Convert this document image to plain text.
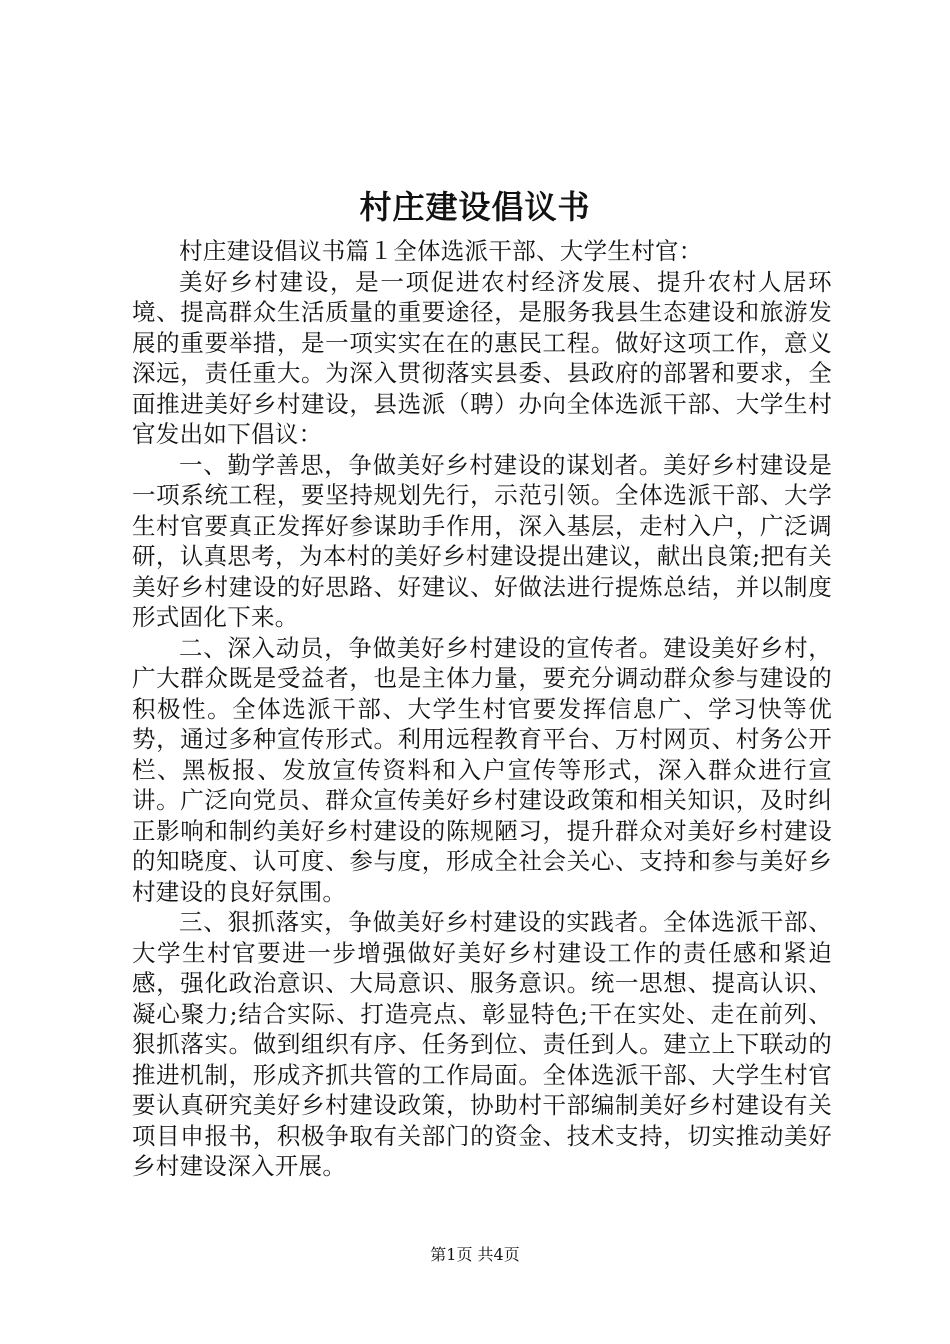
村庄建设倡议书

村庄建设倡议书篇１全体选派干部、大学生村官：

美好乡村建设，是一项促进农村经济发展、提升农村人居环境、提高群众生活质量的重要途径，是服务我县生态建设和旅游发展的重要举措，是一项实实在在的惠民工程。做好这项工作，意义深远，责任重大。为深入贯彻落实县委、县政府的部署和要求，全面推进美好乡村建设，县选派（聘）办向全体选派干部、大学生村官发出如下倡议：

一、勤学善思，争做美好乡村建设的谋划者。美好乡村建设是一项系统工程，要坚持规划先行，示范引领。全体选派干部、大学生村官要真正发挥好参谋助手作用，深入基层，走村入户，广泛调研，认真思考，为本村的美好乡村建设提出建议，献出良策;把有关美好乡村建设的好思路、好建议、好做法进行提炼总结，并以制度形式固化下来。

二、深入动员，争做美好乡村建设的宣传者。建设美好乡村，广大群众既是受益者，也是主体力量，要充分调动群众参与建设的积极性。全体选派干部、大学生村官要发挥信息广、学习快等优势，通过多种宣传形式。利用远程教育平台、万村网页、村务公开栏、黑板报、发放宣传资料和入户宣传等形式，深入群众进行宣讲。广泛向党员、群众宣传美好乡村建设政策和相关知识，及时纠正影响和制约美好乡村建设的陈规陋习，提升群众对美好乡村建设的知晓度、认可度、参与度，形成全社会关心、支持和参与美好乡村建设的良好氛围。

三、狠抓落实，争做美好乡村建设的实践者。全体选派干部、大学生村官要进一步增强做好美好乡村建设工作的责任感和紧迫感，强化政治意识、大局意识、服务意识。统一思想、提高认识、凝心聚力;结合实际、打造亮点、彰显特色;干在实处、走在前列、狠抓落实。做到组织有序、任务到位、责任到人。建立上下联动的推进机制，形成齐抓共管的工作局面。全体选派干部、大学生村官要认真研究美好乡村建设政策，协助村干部编制美好乡村建设有关项目申报书，积极争取有关部门的资金、技术支持，切实推动美好乡村建设深入开展。

第1页 共4页
